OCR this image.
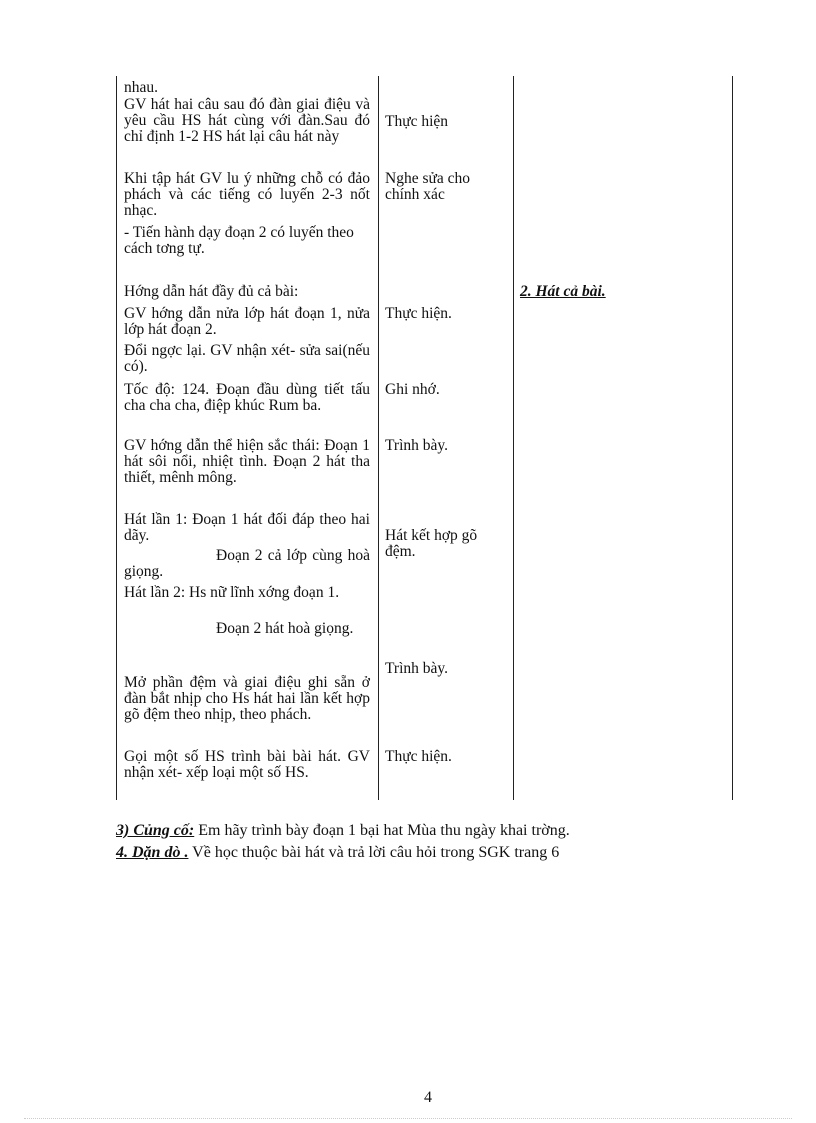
nhau.

GV hát hai câu sau đó đàn giai điệu và yêu cầu HS hát cùng với đàn.Sau đó chỉ định 1-2 HS hát lại câu hát này

Khi tập hát GV lu ý những chỗ có đảo phách và các tiếng có luyến 2-3 nốt nhạc.

- Tiến hành dạy đoạn 2 có luyến theo cách tơng tự.

Hớng dẫn hát đầy đủ cả bài:

GV hớng dẫn nửa lớp hát đoạn 1, nửa lớp hát đoạn 2.

Đổi ngợc lại. GV nhận xét- sửa sai(nếu có).

Tốc độ: 124. Đoạn đầu dùng tiết tấu cha cha cha, điệp khúc Rum ba.

GV hớng dẫn thể hiện sắc thái: Đoạn 1 hát sôi nổi, nhiệt tình. Đoạn 2 hát tha thiết, mênh mông.

Hát lần 1: Đoạn 1 hát đối đáp theo hai dãy.

Đoạn 2 cả lớp cùng hoà giọng.

Hát lần 2: Hs nữ lĩnh xớng đoạn 1.

Đoạn 2 hát hoà giọng.

Mở phần đệm và giai điệu ghi sẵn ở đàn bắt nhịp cho Hs hát hai lần kết hợp gõ đệm theo nhịp, theo phách.

Gọi một số HS trình bài bài hát. GV nhận xét- xếp loại một số HS.

Thực hiện

Nghe sửa cho chính xác

Thực hiện.

Ghi nhớ.

Trình bày.

Hát kết hợp gõ đệm.

Trình bày.

Thực hiện.

2. Hát cả bài.
3) Củng cố: Em hãy trình bày đoạn 1 bại hat Mùa thu ngày khai trờng.
4. Dặn dò . Về học thuộc bài hát và trả lời câu hỏi trong SGK trang 6
4
